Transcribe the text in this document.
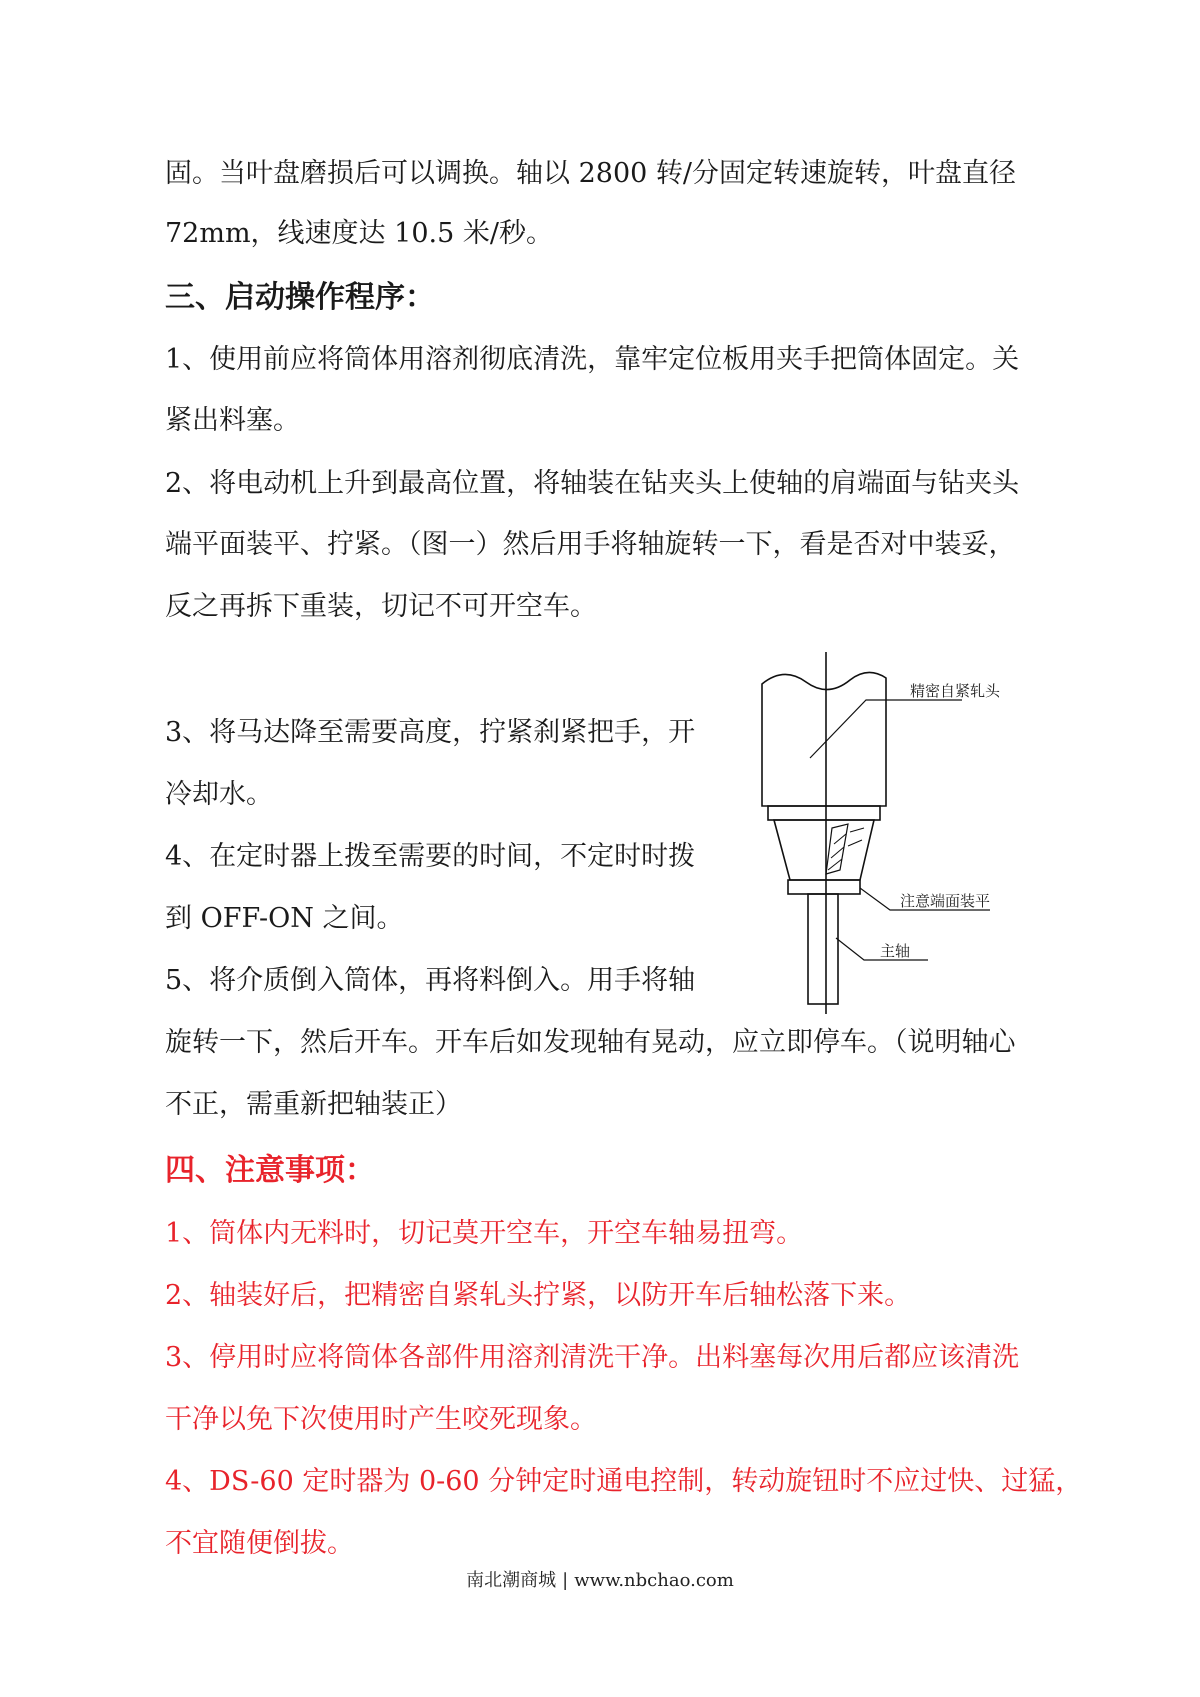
固。当叶盘磨损后可以调换。轴以 2800 转/分固定转速旋转，叶盘直径

72mm，线速度达 10.5 米/秒。

三、启动操作程序：

1、使用前应将筒体用溶剂彻底清洗，靠牢定位板用夹手把筒体固定。关

紧出料塞。

2、将电动机上升到最高位置，将轴装在钻夹头上使轴的肩端面与钻夹头

端平面装平、拧紧。（图一）然后用手将轴旋转一下，看是否对中装妥，

反之再拆下重装，切记不可开空车。

3、将马达降至需要高度，拧紧刹紧把手，开

冷却水。

4、在定时器上拨至需要的时间，不定时时拨

到 OFF-ON 之间。

5、将介质倒入筒体，再将料倒入。用手将轴

旋转一下，然后开车。开车后如发现轴有晃动，应立即停车。（说明轴心

不正，需重新把轴装正）

精密自紧轧头
注意端面装平
主轴

四、注意事项：

1、筒体内无料时，切记莫开空车，开空车轴易扭弯。

2、轴装好后，把精密自紧轧头拧紧，以防开车后轴松落下来。

3、停用时应将筒体各部件用溶剂清洗干净。出料塞每次用后都应该清洗

干净以免下次使用时产生咬死现象。

4、DS-60 定时器为 0-60 分钟定时通电控制，转动旋钮时不应过快、过猛，

不宜随便倒拔。

南北潮商城 | www.nbchao.com
